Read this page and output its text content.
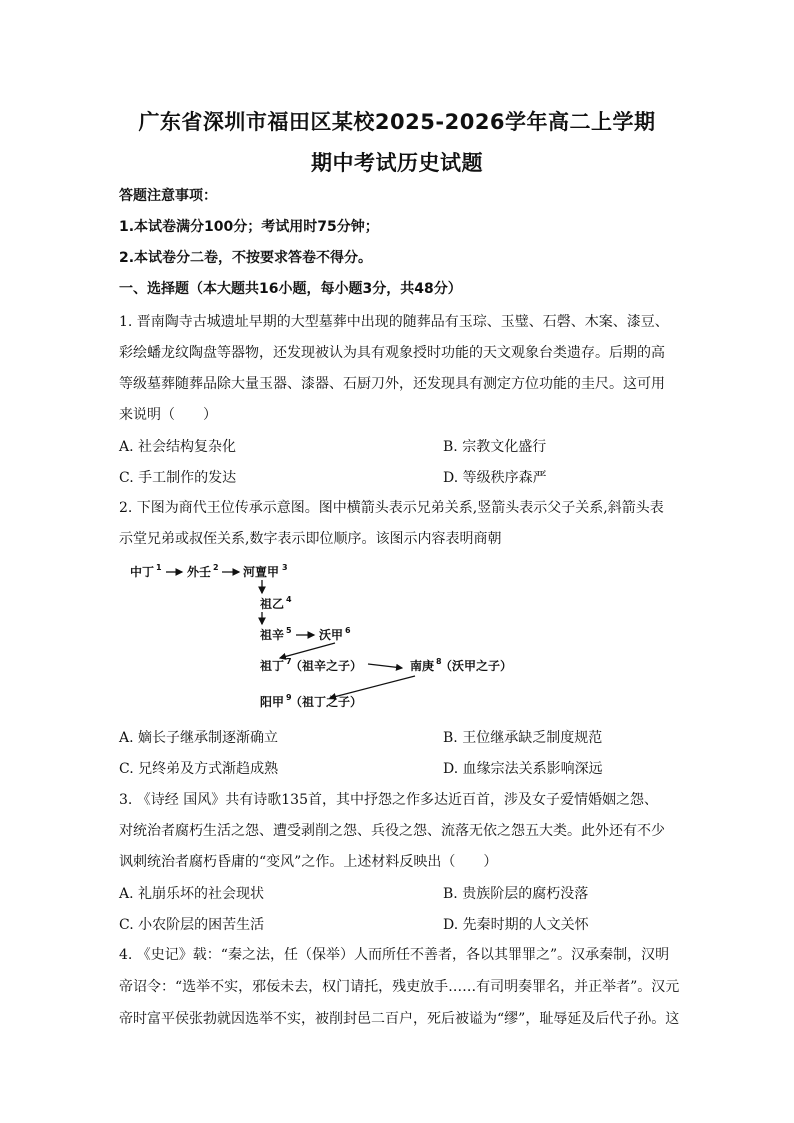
广东省深圳市福田区某校2025-2026学年高二上学期
期中考试历史试题
答题注意事项：
1.本试卷满分100分；考试用时75分钟；
2.本试卷分二卷，不按要求答卷不得分。
一、选择题（本大题共16小题，每小题3分，共48分）
1. 晋南陶寺古城遗址早期的大型墓葬中出现的随葬品有玉琮、玉璧、石磬、木案、漆豆、
彩绘蟠龙纹陶盘等器物，还发现被认为具有观象授时功能的天文观象台类遗存。后期的高
等级墓葬随葬品除大量玉器、漆器、石厨刀外，还发现具有测定方位功能的圭尺。这可用
来说明（　　）
A. 社会结构复杂化	B. 宗教文化盛行
C. 手工制作的发达	D. 等级秩序森严
2. 下图为商代王位传承示意图。图中横箭头表示兄弟关系,竖箭头表示父子关系,斜箭头表
示堂兄弟或叔侄关系,数字表示即位顺序。该图示内容表明商朝
中丁 1 外壬 2 河亶甲 3
祖乙 4
祖辛 5 沃甲 6
祖丁 7
（祖辛之子）	南庚 8
（沃甲之子）
阳甲 9
（祖丁之子）
A. 嫡长子继承制逐渐确立	B. 王位继承缺乏制度规范
C. 兄终弟及方式渐趋成熟	D. 血缘宗法关系影响深远
3. 《诗经 国风》共有诗歌135首，其中抒怨之作多达近百首，涉及女子爱情婚姻之怨、
对统治者腐朽生活之怨、遭受剥削之怨、兵役之怨、流落无依之怨五大类。此外还有不少
讽刺统治者腐朽昏庸的“变风”之作。上述材料反映出（　　）
A. 礼崩乐坏的社会现状	B. 贵族阶层的腐朽没落
C. 小农阶层的困苦生活	D. 先秦时期的人文关怀
4. 《史记》载：“秦之法，任（保举）人而所任不善者，各以其罪罪之”。汉承秦制，汉明
帝诏令：“选举不实，邪佞未去，权门请托，残吏放手……有司明奏罪名，并正举者”。汉元
帝时富平侯张勃就因选举不实，被削封邑二百户，死后被谥为“缪”，耻辱延及后代子孙。这
